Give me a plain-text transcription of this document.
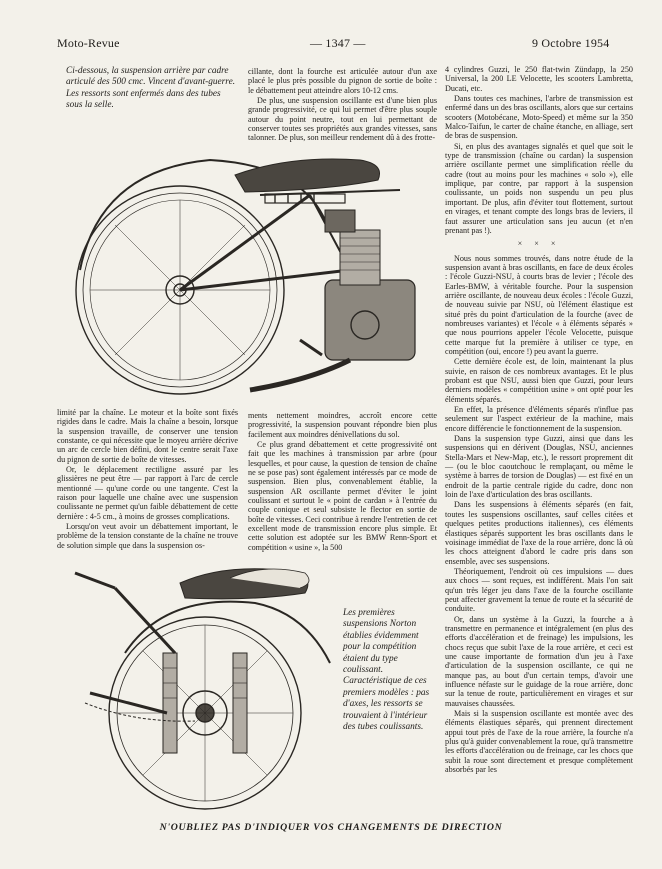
Moto-Revue	— 1347 —	9 Octobre 1954
Ci-dessous, la suspension arrière par cadre articulé des 500 cmc. Vincent d'avant-guerre. Les ressorts sont enfermés dans des tubes sous la selle.

cillante, dont la fourche est articulée autour d'un axe placé le plus près possible du pignon de sortie de boîte : le débattement peut atteindre alors 10-12 cms.

De plus, une suspension oscillante est d'une bien plus grande progressivité, ce qui lui permet d'être plus souple autour du point neutre, tout en lui permettant de conserver toutes ses propriétés aux grandes vitesses, sans talonner. De plus, son meilleur rendement dû à des frotte-

limité par la chaîne. Le moteur et la boîte sont fixés rigides dans le cadre. Mais la chaîne a besoin, lorsque la suspension travaille, de conserver une tension constante, ce qui nécessite que le moyeu arrière décrive un arc de cercle bien défini, dont le centre serait l'axe du pignon de sortie de boîte de vitesses.

Or, le déplacement rectiligne assuré par les glissières ne peut être — par rapport à l'arc de cercle mentionné — qu'une corde ou une tangente. C'est la raison pour laquelle une chaîne avec une suspension coulissante ne permet qu'un faible débattement de cette dernière : 4-5 cm., à moins de grosses complications.

Lorsqu'on veut avoir un débattement important, le problème de la tension constante de la chaîne ne trouve de solution simple que dans la suspension os-

ments nettement moindres, accroît encore cette progressivité, la suspension pouvant répondre bien plus facilement aux moindres dénivellations du sol.

Ce plus grand débattement et cette progressivité ont fait que les machines à transmission par arbre (pour lesquelles, et pour cause, la question de tension de chaîne ne se pose pas) sont également intéressés par ce mode de suspension. Bien plus, convenablement établie, la suspension AR oscillante permet d'éviter le joint coulissant et surtout le « point de cardan » à l'entrée du couple conique et seul subsiste le flector en sortie de boîte de vitesses. Ceci contribue à rendre l'entretien de cet excellent mode de transmission encore plus simple. Et cette solution est adoptée sur les BMW Renn-Sport et compétition « usine », la 500

Les premières suspensions Norton établies évidemment pour la compétition étaient du type coulissant. Caractéristique de ces premiers modèles : pas d'axes, les ressorts se trouvaient à l'intérieur des tubes coulissants.

4 cylindres Guzzi, le 250 flat-twin Zündapp, la 250 Universal, la 200 LE Velocette, les scooters Lambretta, Ducati, etc.

Dans toutes ces machines, l'arbre de transmission est enfermé dans un des bras oscillants, alors que sur certains scooters (Motobécane, Moto-Speed) et même sur la 350 Malco-Taifun, le carter de chaîne étanche, en alliage, sert de bras de suspension.

Si, en plus des avantages signalés et quel que soit le type de transmission (chaîne ou cardan) la suspension arrière oscillante permet une simplification réelle du cadre (tout au moins pour les machines « solo »), elle implique, par contre, par rapport à la suspension coulissante, un poids non suspendu un peu plus important. De plus, afin d'éviter tout flottement, surtout en virages, et tenant compte des longs bras de leviers, il faut assurer une articulation sans jeu aucun (et n'en prenant pas !).

× × ×

Nous nous sommes trouvés, dans notre étude de la suspension avant à bras oscillants, en face de deux écoles : l'école Guzzi-NSU, à courts bras de levier ; l'école des Earles-BMW, à véritable fourche. Pour la suspension arrière oscillante, de nouveau deux écoles : l'école Guzzi, de nouveau suivie par NSU, où l'élément élastique est situé près du point d'articulation de la fourche (avec de nombreuses variantes) et l'école « à éléments séparés » que nous pourrions appeler l'école Velocette, puisque cette marque fut la première à utiliser ce type, en compétition (oui, encore !) peu avant la guerre.

Cette dernière école est, de loin, maintenant la plus suivie, en raison de ces nombreux avantages. Et le plus probant est que NSU, aussi bien que Guzzi, pour leurs derniers modèles « compétition usine » ont opté pour les éléments séparés.

En effet, la présence d'éléments séparés n'influe pas seulement sur l'aspect extérieur de la machine, mais encore différencie le fonctionnement de la suspension.

Dans la suspension type Guzzi, ainsi que dans les suspensions qui en dérivent (Douglas, NSU, anciennes Stella-Mars et New-Map, etc.), le ressort proprement dit — (ou le bloc caoutchouc le remplaçant, ou même le système à barres de torsion de Douglas) — est fixé en un endroit de la partie centrale rigide du cadre, donc non loin de l'axe d'articulation des bras oscillants.

Dans les suspensions à éléments séparés (en fait, toutes les suspensions oscillantes, sauf celles citées et quelques petites productions italiennes), ces éléments élastiques séparés supportent les bras oscillants dans le voisinage immédiat de l'axe de la roue arrière, donc là où les chocs atteignent d'abord le cadre pris dans son ensemble, avec ses suspensions.

Théoriquement, l'endroit où ces impulsions — dues aux chocs — sont reçues, est indifférent. Mais l'on sait qu'un très léger jeu dans l'axe de la fourche oscillante peut affecter gravement la tenue de route et la sécurité de conduite.

Or, dans un système à la Guzzi, la fourche a à transmettre en permanence et intégralement (en plus des efforts d'accélération et de freinage) les impulsions, les chocs reçus que subit l'axe de la roue arrière, et ceci est une cause importante de formation d'un jeu à l'axe d'articulation de la suspension oscillante, ce qui ne manque pas, au bout d'un certain temps, d'avoir une influence néfaste sur le guidage de la roue arrière, donc sur la tenue de route, particulièrement en virages et sur mauvaises chaussées.

Mais si la suspension oscillante est montée avec des éléments élastiques séparés, qui prennent directement appui tout près de l'axe de la roue arrière, la fourche n'a plus qu'à guider convenablement la roue, qu'à transmettre les efforts d'accélération ou de freinage, car les chocs que subit la roue sont directement et presque complètement absorbés par les

N'OUBLIEZ PAS D'INDIQUER VOS CHANGEMENTS DE DIRECTION
